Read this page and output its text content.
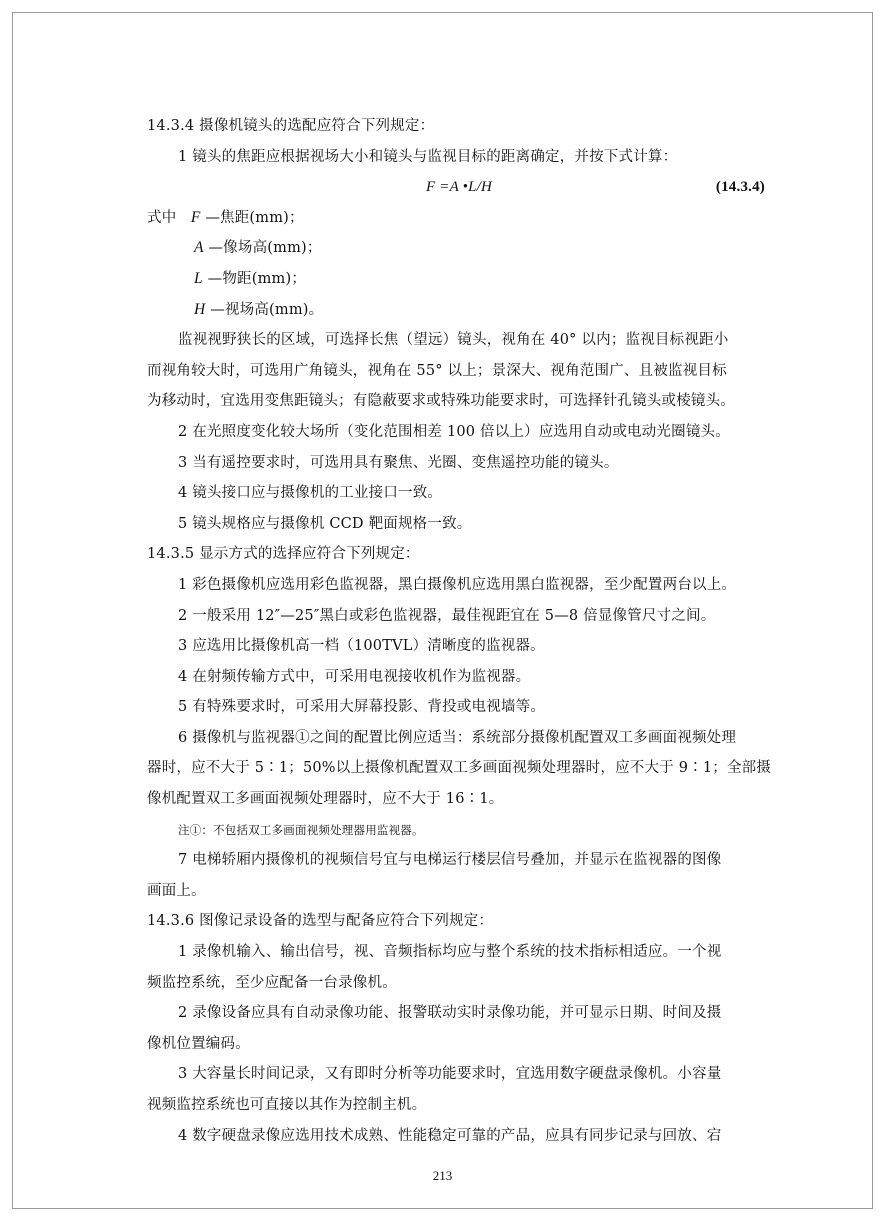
14.3.4 摄像机镜头的选配应符合下列规定：
1 镜头的焦距应根据视场大小和镜头与监视目标的距离确定，并按下式计算：
F =A •L/H	(14.3.4)
式中 F —焦距(mm)；
A —像场高(mm)；
L —物距(mm)；
H —视场高(mm)。
监视视野狭长的区域，可选择长焦（望远）镜头，视角在 40° 以内；监视目标视距小
而视角较大时，可选用广角镜头，视角在 55° 以上；景深大、视角范围广、且被监视目标
为移动时，宜选用变焦距镜头；有隐蔽要求或特殊功能要求时，可选择针孔镜头或棱镜头。
2 在光照度变化较大场所（变化范围相差 100 倍以上）应选用自动或电动光圈镜头。
3 当有遥控要求时，可选用具有聚焦、光圈、变焦遥控功能的镜头。
4 镜头接口应与摄像机的工业接口一致。
5 镜头规格应与摄像机 CCD 靶面规格一致。
14.3.5 显示方式的选择应符合下列规定：
1 彩色摄像机应选用彩色监视器，黑白摄像机应选用黑白监视器，至少配置两台以上。
2 一般采用 12″—25″黑白或彩色监视器，最佳视距宜在 5—8 倍显像管尺寸之间。
3 应选用比摄像机高一档（100TVL）清晰度的监视器。
4 在射频传输方式中，可采用电视接收机作为监视器。
5 有特殊要求时，可采用大屏幕投影、背投或电视墙等。
6 摄像机与监视器①之间的配置比例应适当：系统部分摄像机配置双工多画面视频处理
器时，应不大于 5∶1；50%以上摄像机配置双工多画面视频处理器时，应不大于 9∶1；全部摄
像机配置双工多画面视频处理器时，应不大于 16∶1。
注①：不包括双工多画面视频处理器用监视器。
7 电梯轿厢内摄像机的视频信号宜与电梯运行楼层信号叠加，并显示在监视器的图像
画面上。
14.3.6 图像记录设备的选型与配备应符合下列规定：
1 录像机输入、输出信号，视、音频指标均应与整个系统的技术指标相适应。一个视
频监控系统，至少应配备一台录像机。
2 录像设备应具有自动录像功能、报警联动实时录像功能，并可显示日期、时间及摄
像机位置编码。
3 大容量长时间记录，又有即时分析等功能要求时，宜选用数字硬盘录像机。小容量
视频监控系统也可直接以其作为控制主机。
4 数字硬盘录像应选用技术成熟、性能稳定可靠的产品，应具有同步记录与回放、宕
213
